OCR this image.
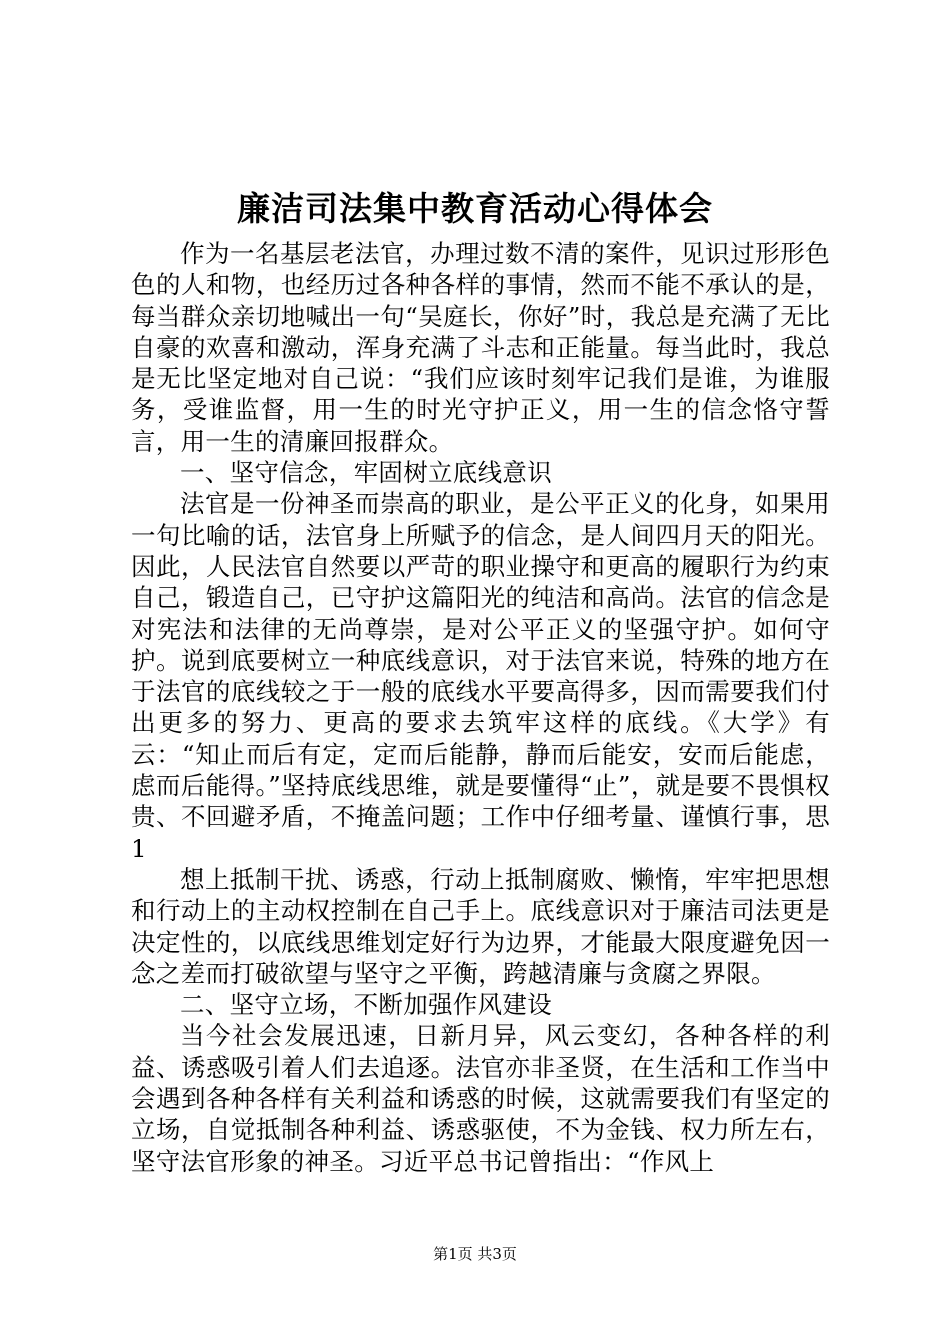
廉洁司法集中教育活动心得体会

作为一名基层老法官，办理过数不清的案件，见识过形形色色的人和物，也经历过各种各样的事情，然而不能不承认的是，每当群众亲切地喊出一句“吴庭长，你好”时，我总是充满了无比自豪的欢喜和激动，浑身充满了斗志和正能量。每当此时，我总是无比坚定地对自己说：“我们应该时刻牢记我们是谁，为谁服务，受谁监督，用一生的时光守护正义，用一生的信念恪守誓言，用一生的清廉回报群众。

一、坚守信念，牢固树立底线意识

法官是一份神圣而崇高的职业，是公平正义的化身，如果用一句比喻的话，法官身上所赋予的信念，是人间四月天的阳光。因此，人民法官自然要以严苛的职业操守和更高的履职行为约束自己，锻造自己，已守护这篇阳光的纯洁和高尚。法官的信念是对宪法和法律的无尚尊崇，是对公平正义的坚强守护。如何守护。说到底要树立一种底线意识，对于法官来说，特殊的地方在于法官的底线较之于一般的底线水平要高得多，因而需要我们付出更多的努力、更高的要求去筑牢这样的底线。《大学》有云：“知止而后有定，定而后能静，静而后能安，安而后能虑，虑而后能得。”坚持底线思维，就是要懂得“止”，就是要不畏惧权贵、不回避矛盾，不掩盖问题；工作中仔细考量、谨慎行事，思1

想上抵制干扰、诱惑，行动上抵制腐败、懒惰，牢牢把思想和行动上的主动权控制在自己手上。底线意识对于廉洁司法更是决定性的，以底线思维划定好行为边界，才能最大限度避免因一念之差而打破欲望与坚守之平衡，跨越清廉与贪腐之界限。

二、坚守立场，不断加强作风建设

当今社会发展迅速，日新月异，风云变幻，各种各样的利益、诱惑吸引着人们去追逐。法官亦非圣贤，在生活和工作当中会遇到各种各样有关利益和诱惑的时候，这就需要我们有坚定的立场，自觉抵制各种利益、诱惑驱使，不为金钱、权力所左右，坚守法官形象的神圣。习近平总书记曾指出：“作风上

第1页 共3页
